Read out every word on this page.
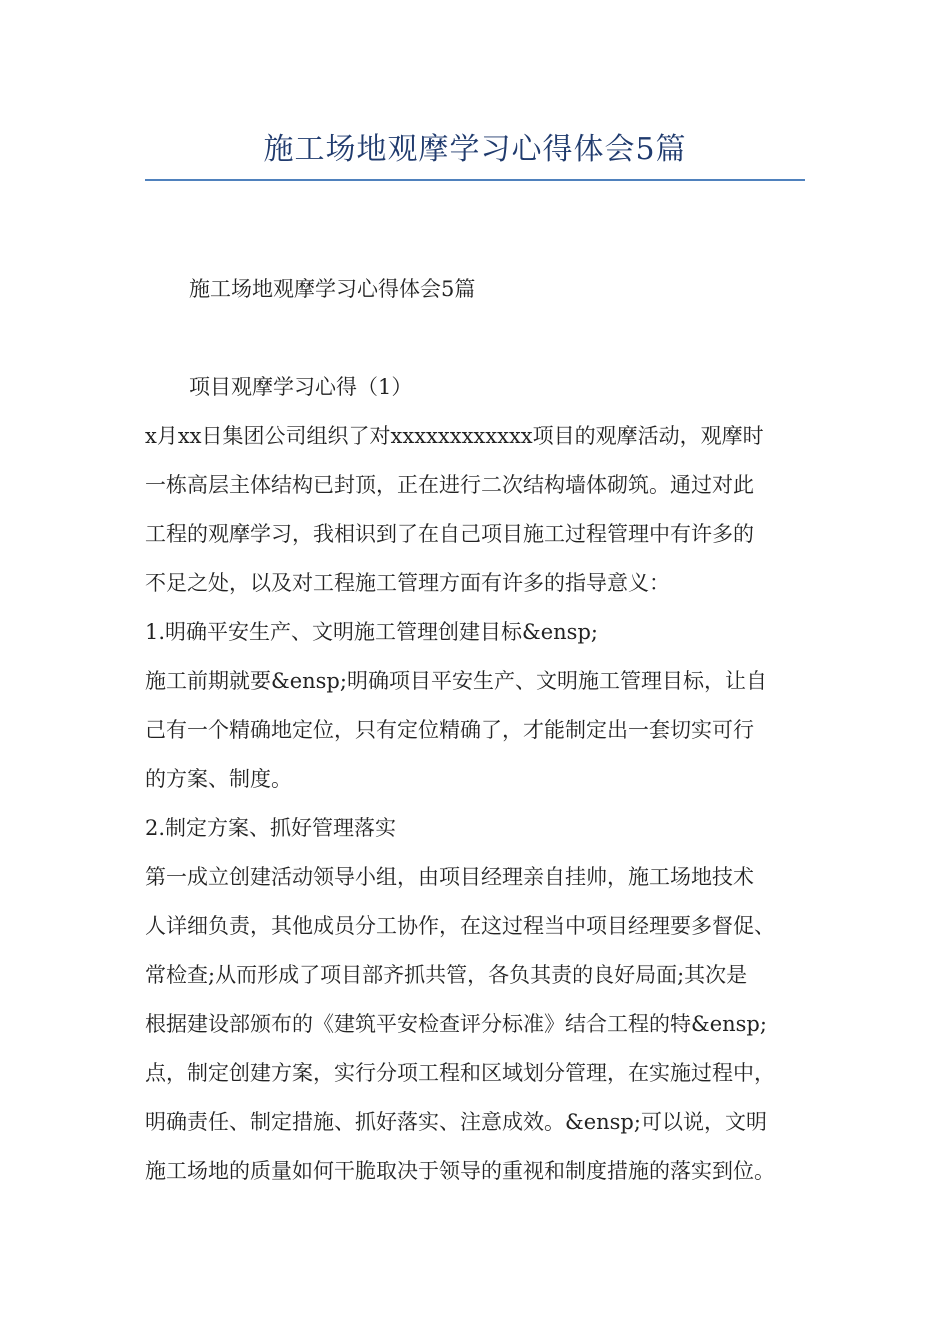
施工场地观摩学习心得体会5篇

施工场地观摩学习心得体会5篇

项目观摩学习心得（1）

x月xx日集团公司组织了对xxxxxxxxxxxx项目的观摩活动，观摩时

一栋高层主体结构已封顶，正在进行二次结构墙体砌筑。通过对此

工程的观摩学习，我相识到了在自己项目施工过程管理中有许多的

不足之处，以及对工程施工管理方面有许多的指导意义：

1.明确平安生产、文明施工管理创建目标&ensp;

施工前期就要&ensp;明确项目平安生产、文明施工管理目标，让自

己有一个精确地定位，只有定位精确了，才能制定出一套切实可行

的方案、制度。

2.制定方案、抓好管理落实

第一成立创建活动领导小组，由项目经理亲自挂帅，施工场地技术

人详细负责，其他成员分工协作，在这过程当中项目经理要多督促、

常检查;从而形成了项目部齐抓共管，各负其责的良好局面;其次是

根据建设部颁布的《建筑平安检查评分标准》结合工程的特&ensp;

点，制定创建方案，实行分项工程和区域划分管理，在实施过程中，

明确责任、制定措施、抓好落实、注意成效。&ensp;可以说，文明

施工场地的质量如何干脆取决于领导的重视和制度措施的落实到位。
